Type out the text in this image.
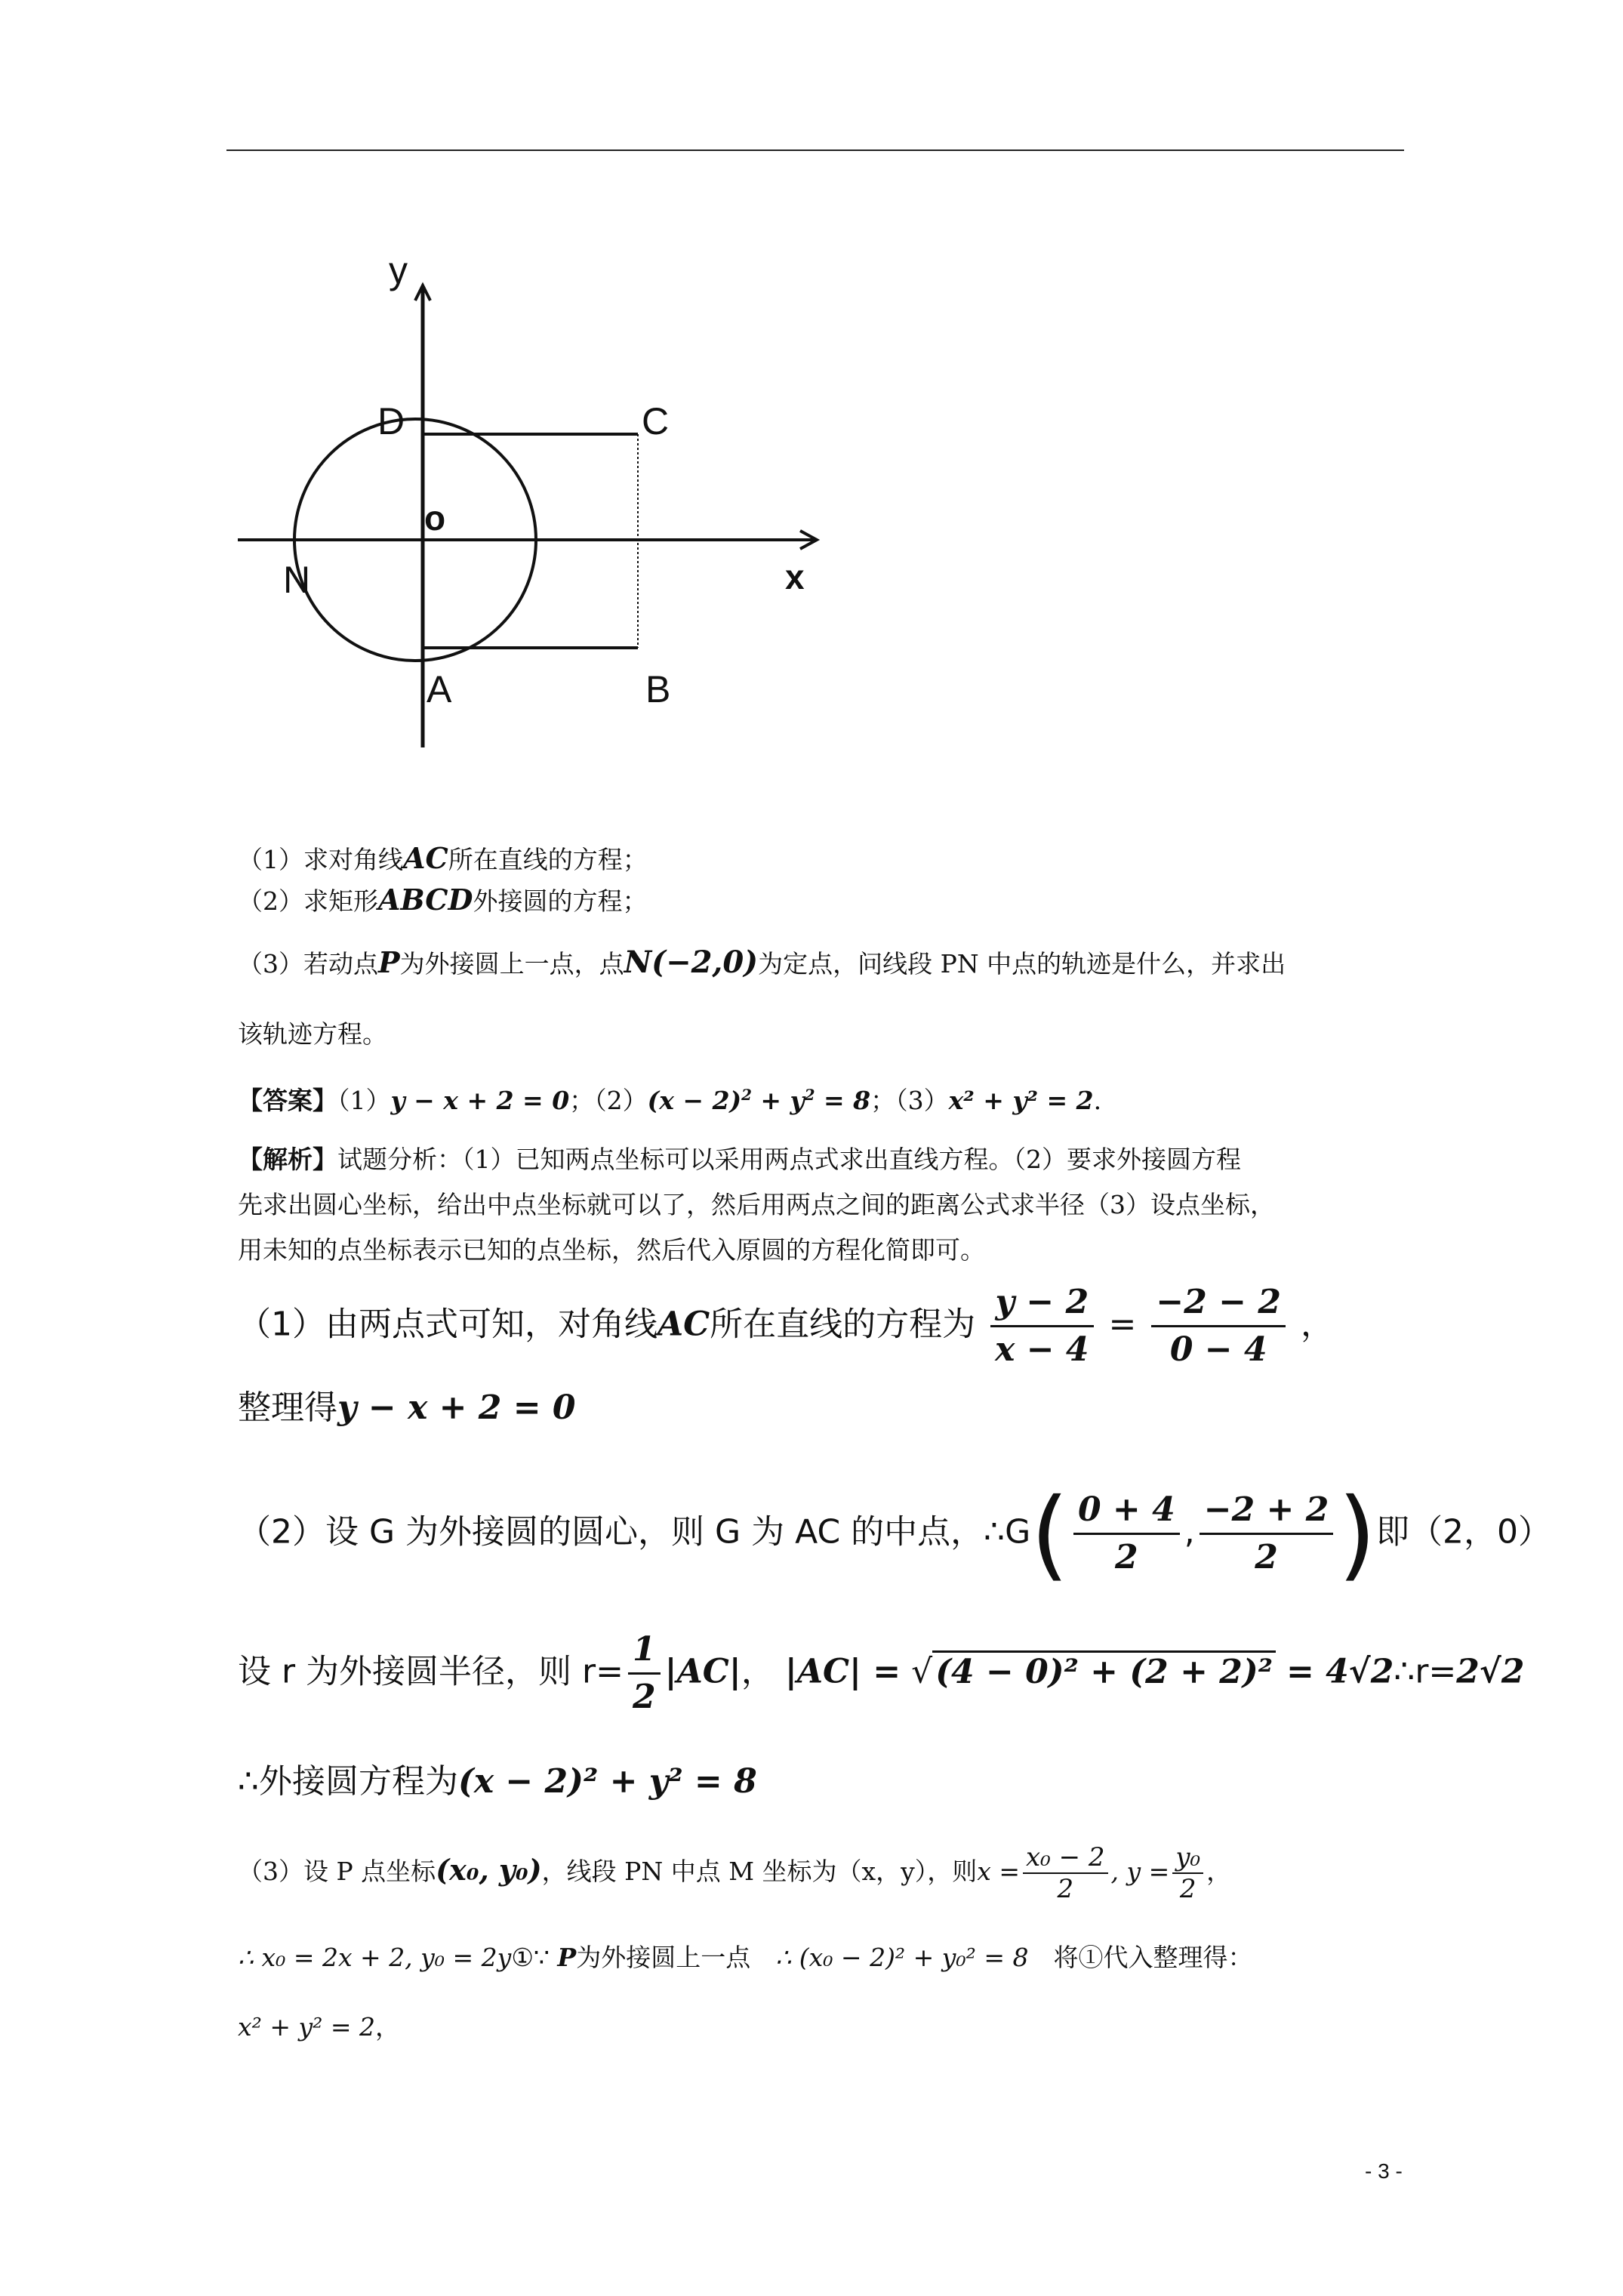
y
D	C
o
N	x
A	B
（1）求对角线AC所在直线的方程；
（2）求矩形ABCD外接圆的方程；
（3）若动点P为外接圆上一点，点N(−2,0)为定点，问线段 PN 中点的轨迹是什么，并求出
该轨迹方程。
【答案】（1）y − x + 2 = 0；$(2)(x - 2)^2 + y^2 = 8$；（3）x² + y² = 2.
【解析】试题分析：（1）已知两点坐标可以采用两点式求出直线方程。（2）要求外接圆方程
先求出圆心坐标，给出中点坐标就可以了，然后用两点之间的距离公式求半径（3）设点坐标，
用未知的点坐标表示已知的点坐标，然后代入原圆的方程化简即可。
（1）由两点式可知，对角线AC所在直线的方程为 $\frac{y - 2}{x - 4} = \frac{-2 - 2}{0 - 4}$ ，
整理得y − x + 2 = 0
（2）设 G 为外接圆的圆心，则 G 为 AC 的中点，∴G( $\frac{0 + 4}{2}$ , $\frac{-2 + 2}{2}$ )即（2，0）
设 r 为外接圆半径，则 $r= \frac{1}{2} |AC|$， |AC| = √(4 − 0)² + (2 + 2)² = 4√2∴r=2√2
∴外接圆方程为(x − 2)² + y² = 8
（3）设 P 点坐标(x₀, y₀)，线段 PN 中点 M 坐标为（x，y），则$x = \frac{\text{x₀ − 2}}{2}$ , $y = \frac{\text{y₀}}{2}$ ，
∴ x₀ = 2x + 2, y₀ = 2y①∵ P为外接圆上一点　 ∴ (x₀ − 2)² + y₀² = 8　 将①代入整理得：
x² + y² = 2，
- 3 -
